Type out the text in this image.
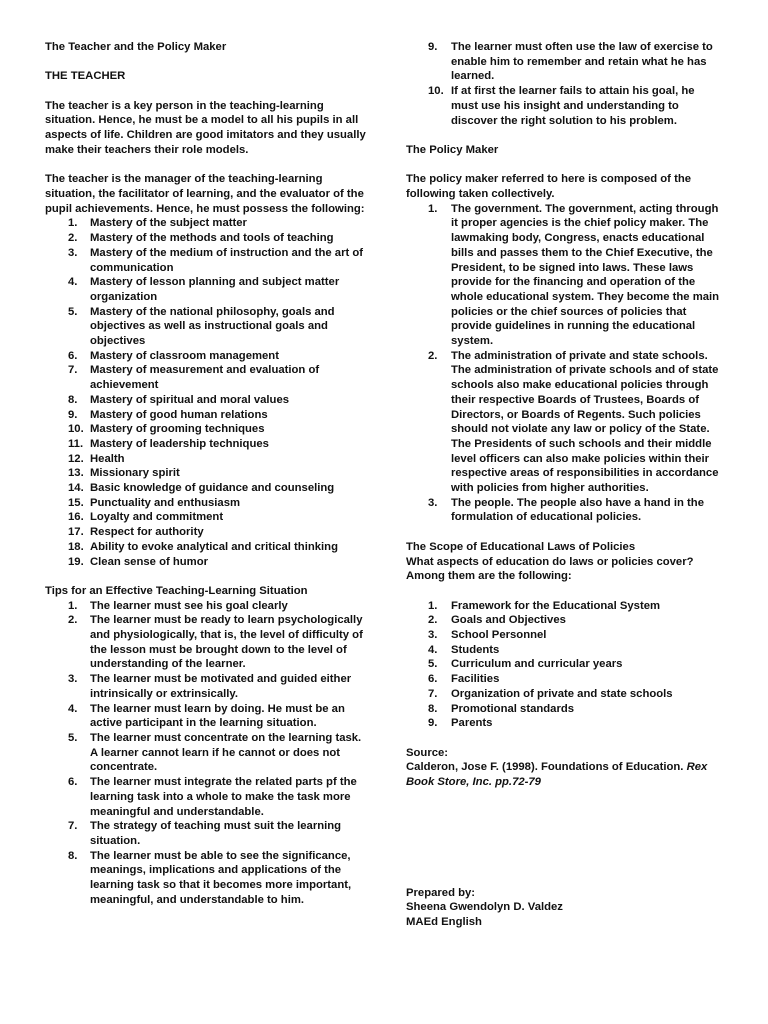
The Teacher and the Policy Maker

THE TEACHER

The teacher is a key person in the teaching-learning situation. Hence, he must be a model to all his pupils in all aspects of life. Children are good imitators and they usually make their teachers their role models.

The teacher is the manager of the teaching-learning situation, the facilitator of learning, and the evaluator of the pupil achievements. Hence, he must possess the following:

1. Mastery of the subject matter
2. Mastery of the methods and tools of teaching
3. Mastery of the medium of instruction and the art of communication
4. Mastery of lesson planning and subject matter organization
5. Mastery of the national philosophy, goals and objectives as well as instructional goals and objectives
6. Mastery of classroom management
7. Mastery of measurement and evaluation of achievement
8. Mastery of spiritual and moral values
9. Mastery of good human relations
10. Mastery of grooming techniques
11. Mastery of leadership techniques
12. Health
13. Missionary spirit
14. Basic knowledge of guidance and counseling
15. Punctuality and enthusiasm
16. Loyalty and commitment
17. Respect for authority
18. Ability to evoke analytical and critical thinking
19. Clean sense of humor

Tips for an Effective Teaching-Learning Situation

1. The learner must see his goal clearly
2. The learner must be ready to learn psychologically and physiologically, that is, the level of difficulty of the lesson must be brought down to the level of understanding of the learner.
3. The learner must be motivated and guided either intrinsically or extrinsically.
4. The learner must learn by doing. He must be an active participant in the learning situation.
5. The learner must concentrate on the learning task. A learner cannot learn if he cannot or does not concentrate.
6. The learner must integrate the related parts pf the learning task into a whole to make the task more meaningful and understandable.
7. The strategy of teaching must suit the learning situation.
8. The learner must be able to see the significance, meanings, implications and applications of the learning task so that it becomes more important, meaningful, and understandable to him.
9. The learner must often use the law of exercise to enable him to remember and retain what he has learned.
10. If at first the learner fails to attain his goal, he must use his insight and understanding to discover the right solution to his problem.

The Policy Maker

The policy maker referred to here is composed of the following taken collectively.

1. The government. The government, acting through it proper agencies is the chief policy maker. The lawmaking body, Congress, enacts educational bills and passes them to the Chief Executive, the President, to be signed into laws. These laws provide for the financing and operation of the whole educational system. They become the main policies or the chief sources of policies that provide guidelines in running the educational system.
2. The administration of private and state schools. The administration of private schools and of state schools also make educational policies through their respective Boards of Trustees, Boards of Directors, or Boards of Regents. Such policies should not violate any law or policy of the State. The Presidents of such schools and their middle level officers can also make policies within their respective areas of responsibilities in accordance with policies from higher authorities.
3. The people. The people also have a hand in the formulation of educational policies.

The Scope of Educational Laws of Policies

What aspects of education do laws or policies cover? Among them are the following:

1. Framework for the Educational System
2. Goals and Objectives
3. School Personnel
4. Students
5. Curriculum and curricular years
6. Facilities
7. Organization of private and state schools
8. Promotional standards
9. Parents

Source:

Calderon, Jose F. (1998). Foundations of Education. Rex Book Store, Inc. pp.72-79

Prepared by:

Sheena Gwendolyn D. Valdez

MAEd English
